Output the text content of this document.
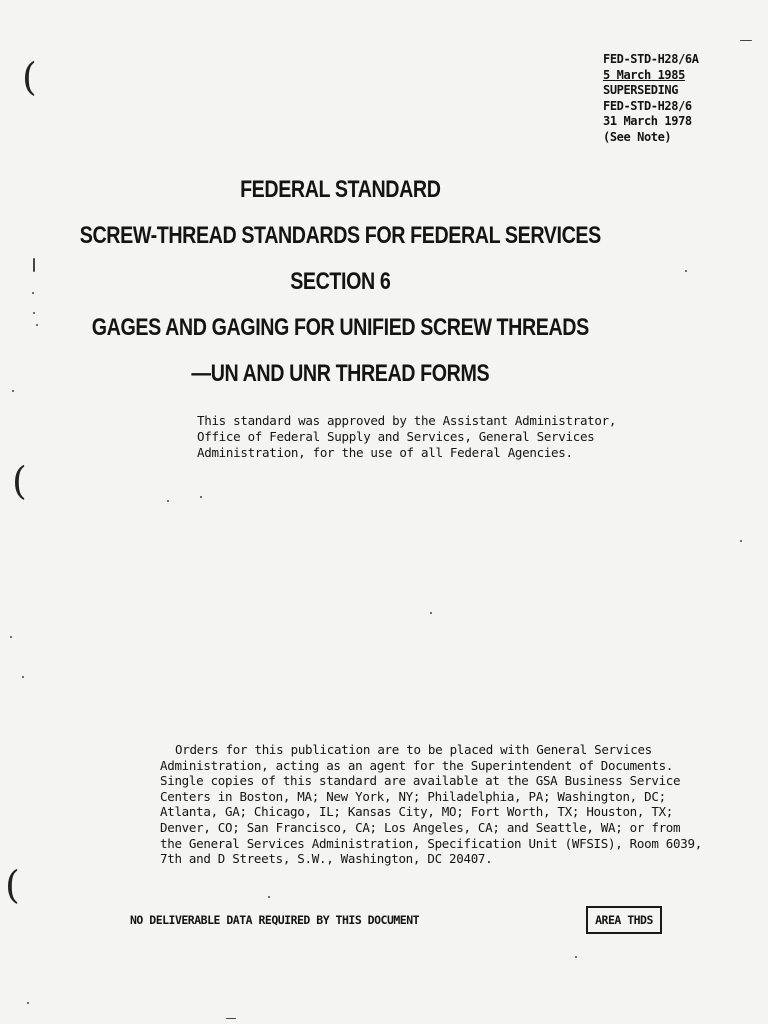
(
(
(
FED-STD-H28/6A
5 March 1985
SUPERSEDING
FED-STD-H28/6
31 March 1978
(See Note)
FEDERAL STANDARD
SCREW-THREAD STANDARDS FOR FEDERAL SERVICES
SECTION 6
GAGES AND GAGING FOR UNIFIED SCREW THREADS
—UN AND UNR THREAD FORMS
This standard was approved by the Assistant Administrator,
Office of Federal Supply and Services, General Services
Administration, for the use of all Federal Agencies.
Orders for this publication are to be placed with General Services
Administration, acting as an agent for the Superintendent of Documents.
Single copies of this standard are available at the GSA Business Service
Centers in Boston, MA; New York, NY; Philadelphia, PA; Washington, DC;
Atlanta, GA; Chicago, IL; Kansas City, MO; Fort Worth, TX; Houston, TX;
Denver, CO; San Francisco, CA; Los Angeles, CA; and Seattle, WA; or from
the General Services Administration, Specification Unit (WFSIS), Room 6039,
7th and D Streets, S.W., Washington, DC 20407.
NO DELIVERABLE DATA REQUIRED BY THIS DOCUMENT	AREA THDS
